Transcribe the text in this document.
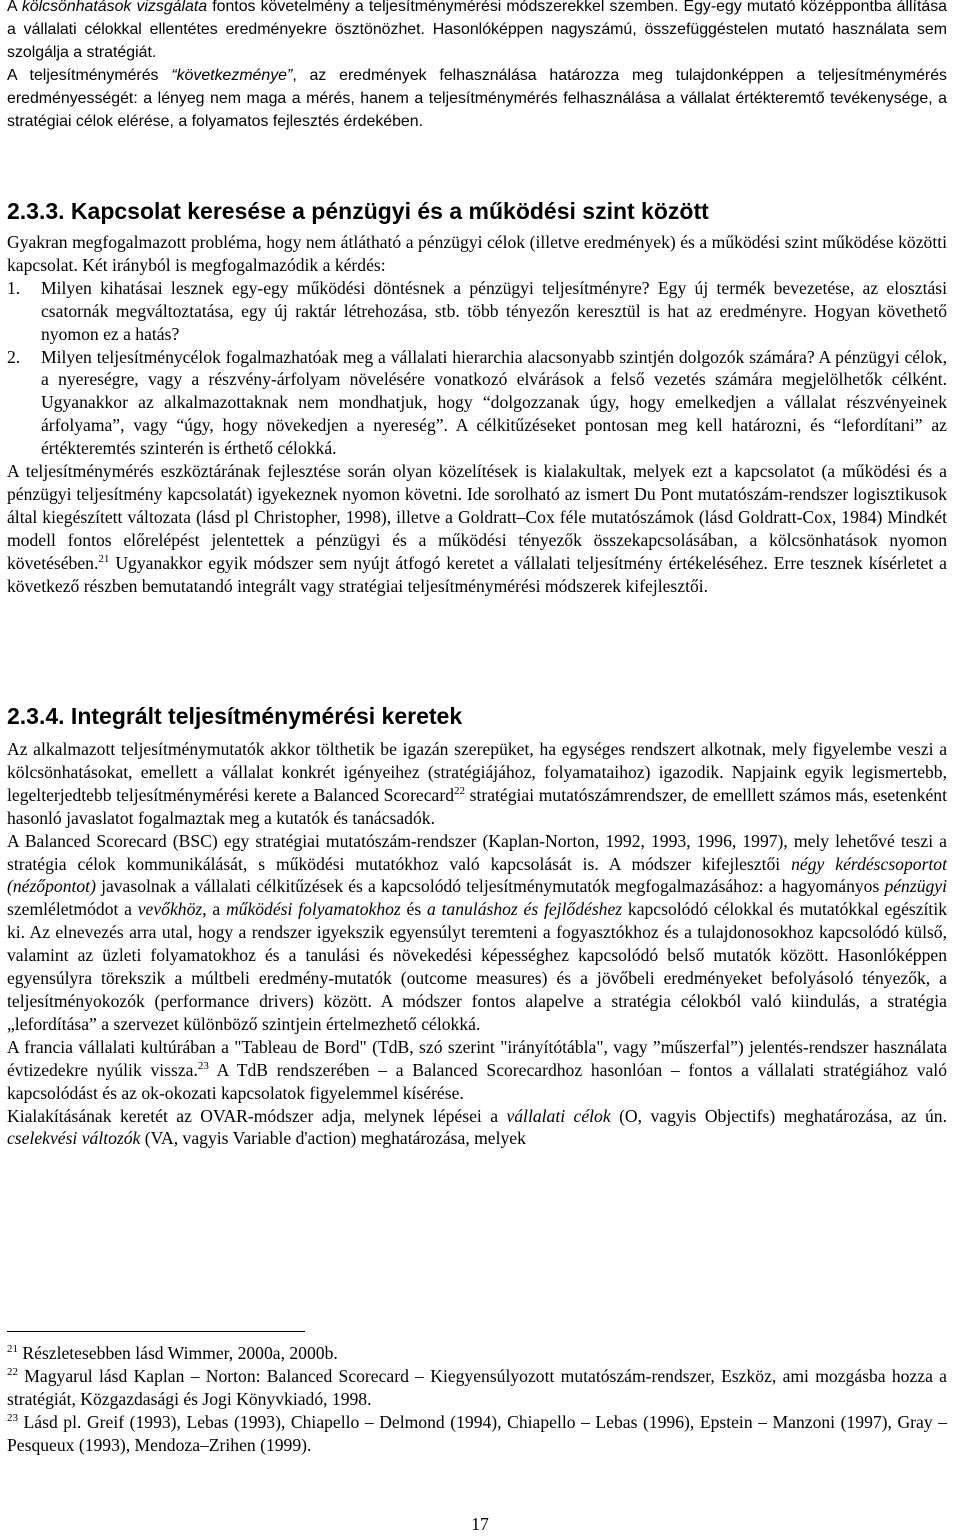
A kölcsönhatások vizsgálata fontos követelmény a teljesítménymérési módszerekkel szemben. Egy-egy mutató középpontba állítása a vállalati célokkal ellentétes eredményekre ösztönözhet. Hasonlóképpen nagyszámú, összefüggéstelen mutató használata sem szolgálja a stratégiát.

A teljesítménymérés “következménye”, az eredmények felhasználása határozza meg tulajdonképpen a teljesítménymérés eredményességét: a lényeg nem maga a mérés, hanem a teljesítménymérés felhasználása a vállalat értékteremtő tevékenysége, a stratégiai célok elérése, a folyamatos fejlesztés érdekében.

2.3.3. Kapcsolat keresése a pénzügyi és a működési szint között

Gyakran megfogalmazott probléma, hogy nem átlátható a pénzügyi célok (illetve eredmények) és a működési szint működése közötti kapcsolat. Két irányból is megfogalmazódik a kérdés:

1.	Milyen kihatásai lesznek egy-egy működési döntésnek a pénzügyi teljesítményre? Egy új termék bevezetése, az elosztási csatornák megváltoztatása, egy új raktár létrehozása, stb. több tényezőn keresztül is hat az eredményre. Hogyan követhető nyomon ez a hatás?
2.	Milyen teljesítménycélok fogalmazhatóak meg a vállalati hierarchia alacsonyabb szintjén dolgozók számára? A pénzügyi célok, a nyereségre, vagy a részvény-árfolyam növelésére vonatkozó elvárások a felső vezetés számára megjelölhetők célként. Ugyanakkor az alkalmazottaknak nem mondhatjuk, hogy “dolgozzanak úgy, hogy emelkedjen a vállalat részvényeinek árfolyama”, vagy “úgy, hogy növekedjen a nyereség”. A célkitűzéseket pontosan meg kell határozni, és “lefordítani” az értékteremtés szinterén is érthető célokká.

A teljesítménymérés eszköztárának fejlesztése során olyan közelítések is kialakultak, melyek ezt a kapcsolatot (a működési és a pénzügyi teljesítmény kapcsolatát) igyekeznek nyomon követni. Ide sorolható az ismert Du Pont mutatószám-rendszer logisztikusok által kiegészített változata (lásd pl Christopher, 1998), illetve a Goldratt–Cox féle mutatószámok (lásd Goldratt-Cox, 1984) Mindkét modell fontos előrelépést jelentettek a pénzügyi és a működési tényezők összekapcsolásában, a kölcsönhatások nyomon követésében.$^{21}$ Ugyanakkor egyik módszer sem nyújt átfogó keretet a vállalati teljesítmény értékeléséhez. Erre tesznek kísérletet a következő részben bemutatandó integrált vagy stratégiai teljesítménymérési módszerek kifejlesztői.

2.3.4. Integrált teljesítménymérési keretek

Az alkalmazott teljesítménymutatók akkor tölthetik be igazán szerepüket, ha egységes rendszert alkotnak, mely figyelembe veszi a kölcsönhatásokat, emellett a vállalat konkrét igényeihez (stratégiájához, folyamataihoz) igazodik. Napjaink egyik legismertebb, legelterjedtebb teljesítménymérési kerete a Balanced Scorecard$^{22}$ stratégiai mutatószámrendszer, de emelllett számos más, esetenként hasonló javaslatot fogalmaztak meg a kutatók és tanácsadók.

A Balanced Scorecard (BSC) egy stratégiai mutatószám-rendszer (Kaplan-Norton, 1992, 1993, 1996, 1997), mely lehetővé teszi a stratégia célok kommunikálását, s működési mutatókhoz való kapcsolását is. A módszer kifejlesztői négy kérdéscsoportot (nézőpontot) javasolnak a vállalati célkitűzések és a kapcsolódó teljesítménymutatók megfogalmazásához: a hagyományos pénzügyi szemléletmódot a vevőkhöz, a működési folyamatokhoz és a tanuláshoz és fejlődéshez kapcsolódó célokkal és mutatókkal egészítik ki. Az elnevezés arra utal, hogy a rendszer igyekszik egyensúlyt teremteni a fogyasztókhoz és a tulajdonosokhoz kapcsolódó külső, valamint az üzleti folyamatokhoz és a tanulási és növekedési képességhez kapcsolódó belső mutatók között. Hasonlóképpen egyensúlyra törekszik a múltbeli eredmény-mutatók (outcome measures) és a jövőbeli eredményeket befolyásoló tényezők, a teljesítményokozók (performance drivers) között. A módszer fontos alapelve a stratégia célokból való kiindulás, a stratégia „lefordítása” a szervezet különböző szintjein értelmezhető célokká.

A francia vállalati kultúrában a "Tableau de Bord" (TdB, szó szerint "irányítótábla", vagy ”műszerfal”) jelentés-rendszer használata évtizedekre nyúlik vissza.$^{23}$ A TdB rendszerében – a Balanced Scorecardhoz hasonlóan – fontos a vállalati stratégiához való kapcsolódást és az ok-okozati kapcsolatok figyelemmel kísérése.

Kialakításának keretét az OVAR-módszer adja, melynek lépései a vállalati célok (O, vagyis Objectifs) meghatározása, az ún. cselekvési változók (VA, vagyis Variable d'action) meghatározása, melyek

$^{21}$ Részletesebben lásd Wimmer, 2000a, 2000b.

$^{22}$ Magyarul lásd Kaplan – Norton: Balanced Scorecard – Kiegyensúlyozott mutatószám-rendszer, Eszköz, ami mozgásba hozza a stratégiát, Közgazdasági és Jogi Könyvkiadó, 1998.

$^{23}$ Lásd pl. Greif (1993), Lebas (1993), Chiapello – Delmond (1994), Chiapello – Lebas (1996), Epstein – Manzoni (1997), Gray – Pesqueux (1993), Mendoza–Zrihen (1999).

17
